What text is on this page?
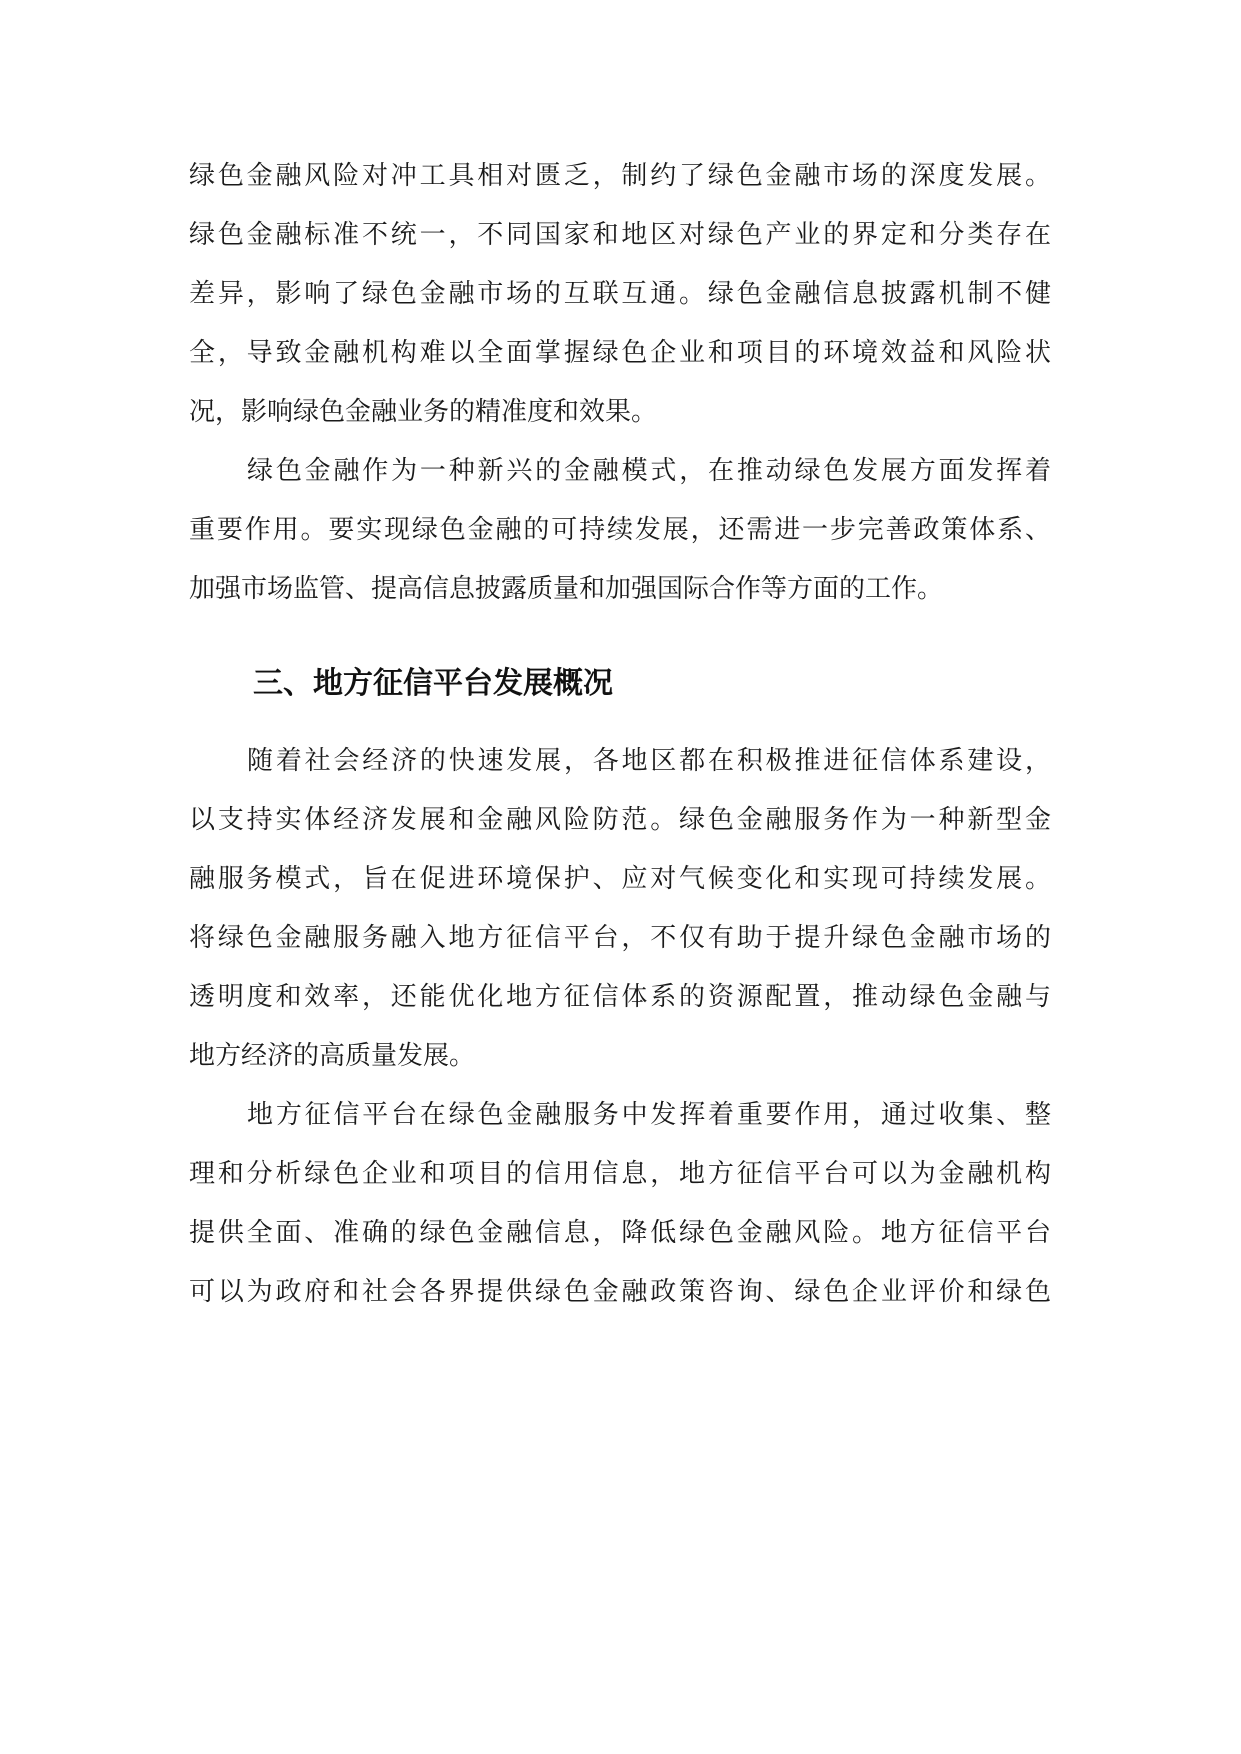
绿色金融风险对冲工具相对匮乏，制约了绿色金融市场的深度发展。
绿色金融标准不统一，不同国家和地区对绿色产业的界定和分类存在
差异，影响了绿色金融市场的互联互通。绿色金融信息披露机制不健
全，导致金融机构难以全面掌握绿色企业和项目的环境效益和风险状
况，影响绿色金融业务的精准度和效果。
绿色金融作为一种新兴的金融模式，在推动绿色发展方面发挥着
重要作用。要实现绿色金融的可持续发展，还需进一步完善政策体系、
加强市场监管、提高信息披露质量和加强国际合作等方面的工作。
三、地方征信平台发展概况
随着社会经济的快速发展，各地区都在积极推进征信体系建设，
以支持实体经济发展和金融风险防范。绿色金融服务作为一种新型金
融服务模式，旨在促进环境保护、应对气候变化和实现可持续发展。
将绿色金融服务融入地方征信平台，不仅有助于提升绿色金融市场的
透明度和效率，还能优化地方征信体系的资源配置，推动绿色金融与
地方经济的高质量发展。
地方征信平台在绿色金融服务中发挥着重要作用，通过收集、整
理和分析绿色企业和项目的信用信息，地方征信平台可以为金融机构
提供全面、准确的绿色金融信息，降低绿色金融风险。地方征信平台
可以为政府和社会各界提供绿色金融政策咨询、绿色企业评价和绿色
